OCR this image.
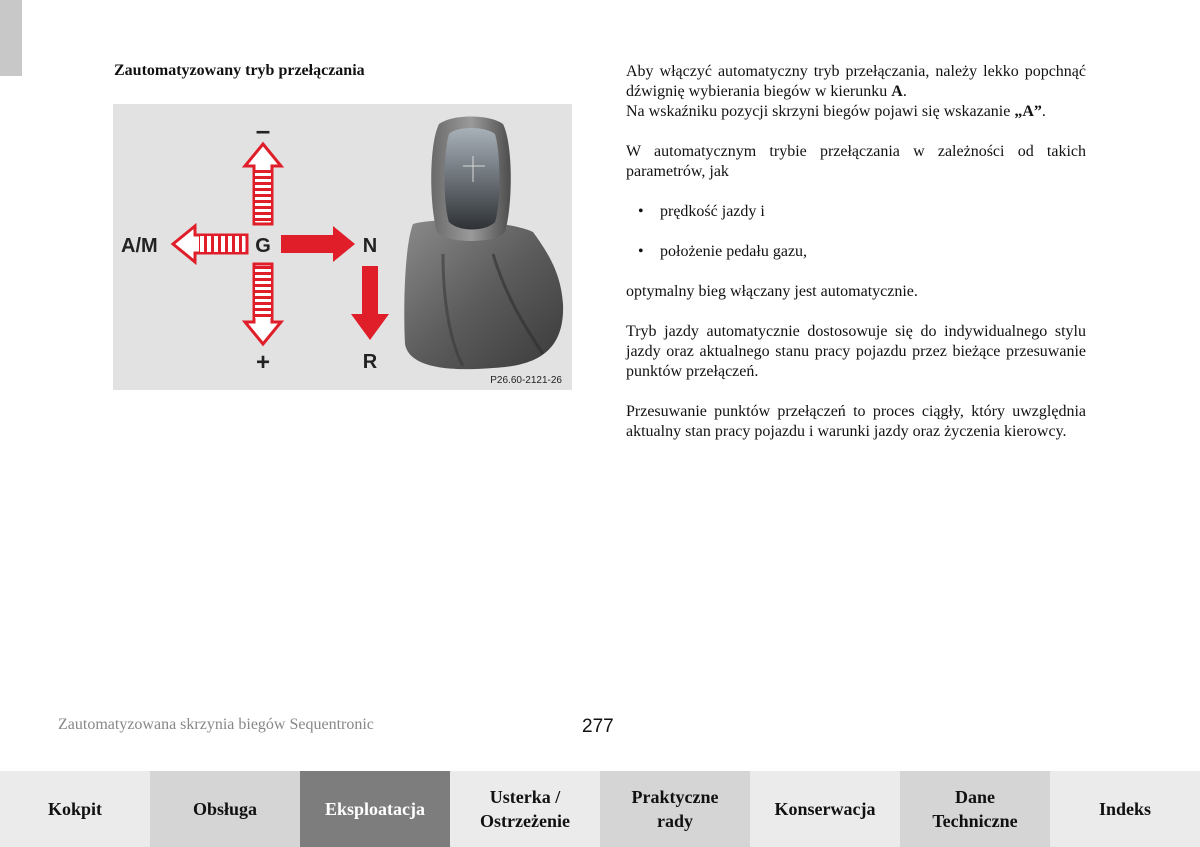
Zautomatyzowany tryb przełączania
–
+
A/M	G	N
R
P26.60-2121-26

Aby włączyć automatyczny tryb przełączania, należy lekko popchnąć dźwignię wybierania biegów w kierunku A.
Na wskaźniku pozycji skrzyni biegów pojawi się wskazanie „A”.

W automatycznym trybie przełączania w zależności od takich parametrów, jak

• prędkość jazdy i
• położenie pedału gazu,

optymalny bieg włączany jest automatycznie.

Tryb jazdy automatycznie dostosowuje się do indywidualnego stylu jazdy oraz aktualnego stanu pracy pojazdu przez bieżące przesuwanie punktów przełączeń.

Przesuwanie punktów przełączeń to proces ciągły, który uwzględnia aktualny stan pracy pojazdu i warunki jazdy oraz życzenia kierowcy.

Zautomatyzowana skrzynia biegów Sequentronic	277
Kokpit	Obsługa	Eksploatacja
Usterka /
Ostrzeżenie
Praktyczne
rady
Konserwacja
Dane
Techniczne
Indeks
